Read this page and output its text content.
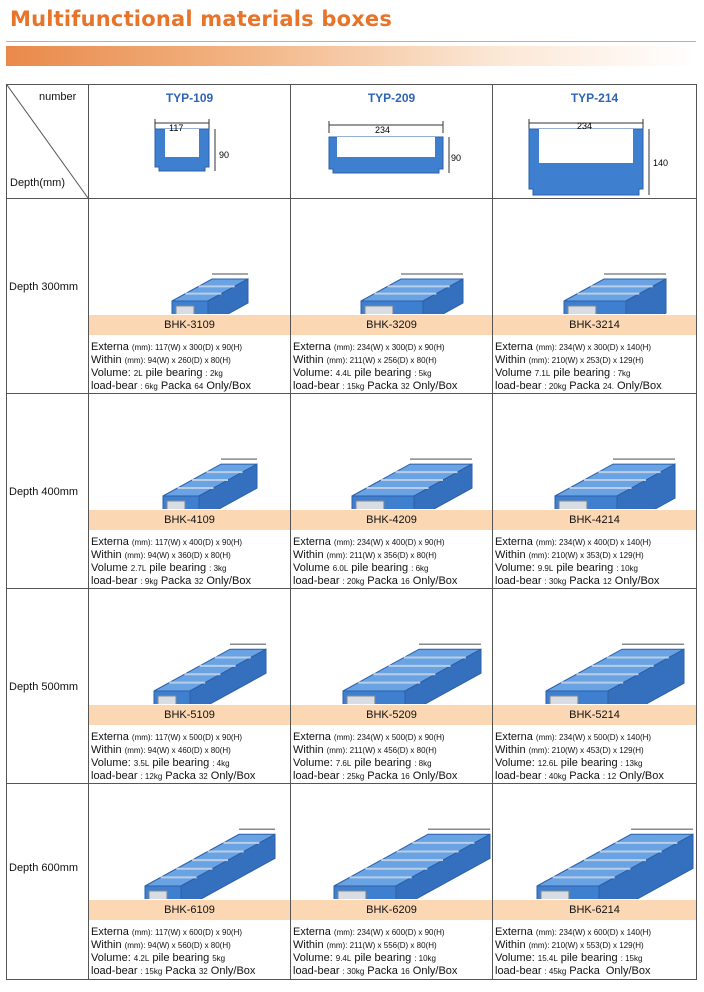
Multifunctional materials boxes
number
Depth(mm)
TYP-109
117
90
TYP-209
234
90
TYP-214
234
140
Depth 300mm
BHK-3109
Externa (mm): 117(W) x 300(D) x 90(H)
Within (mm): 94(W) x 260(D) x 80(H)
Volume: 2L pile bearing : 2kg
load-bear : 6kg Packa 64 Only/Box
BHK-3209
Externa (mm): 234(W) x 300(D) x 90(H)
Within (mm): 211(W) x 256(D) x 80(H)
Volume: 4.4L pile bearing : 5kg
load-bear : 15kg Packa 32 Only/Box
BHK-3214
Externa (mm): 234(W) x 300(D) x 140(H)
Within (mm): 210(W) x 253(D) x 129(H)
Volume 7.1L pile bearing : 7kg
load-bear : 20kg Packa 24. Only/Box
Depth 400mm
BHK-4109
Externa (mm): 117(W) x 400(D) x 90(H)
Within (mm): 94(W) x 360(D) x 80(H)
Volume 2.7L pile bearing : 3kg
load-bear : 9kg Packa 32 Only/Box
BHK-4209
Externa (mm): 234(W) x 400(D) x 90(H)
Within (mm): 211(W) x 356(D) x 80(H)
Volume 6.0L pile bearing : 6kg
load-bear : 20kg Packa 16 Only/Box
BHK-4214
Externa (mm): 234(W) x 400(D) x 140(H)
Within (mm): 210(W) x 353(D) x 129(H)
Volume: 9.9L pile bearing : 10kg
load-bear : 30kg Packa 12 Only/Box
Depth 500mm
BHK-5109
Externa (mm): 117(W) x 500(D) x 90(H)
Within (mm): 94(W) x 460(D) x 80(H)
Volume: 3.5L pile bearing : 4kg
load-bear : 12kg Packa 32 Only/Box
BHK-5209
Externa (mm): 234(W) x 500(D) x 90(H)
Within (mm): 211(W) x 456(D) x 80(H)
Volume: 7.6L pile bearing : 8kg
load-bear : 25kg Packa 16 Only/Box
BHK-5214
Externa (mm): 234(W) x 500(D) x 140(H)
Within (mm): 210(W) x 453(D) x 129(H)
Volume: 12.6L pile bearing : 13kg
load-bear : 40kg Packa : 12 Only/Box
Depth 600mm
BHK-6109
Externa (mm): 117(W) x 600(D) x 90(H)
Within (mm): 94(W) x 560(D) x 80(H)
Volume: 4.2L pile bearing 5kg
load-bear : 15kg Packa 32 Only/Box
BHK-6209
Externa (mm): 234(W) x 600(D) x 90(H)
Within (mm): 211(W) x 556(D) x 80(H)
Volume: 9.4L pile bearing : 10kg
load-bear : 30kg Packa 16 Only/Box
BHK-6214
Externa (mm): 234(W) x 600(D) x 140(H)
Within (mm): 210(W) x 553(D) x 129(H)
Volume: 15.4L pile bearing : 15kg
load-bear : 45kg Packa Only/Box
